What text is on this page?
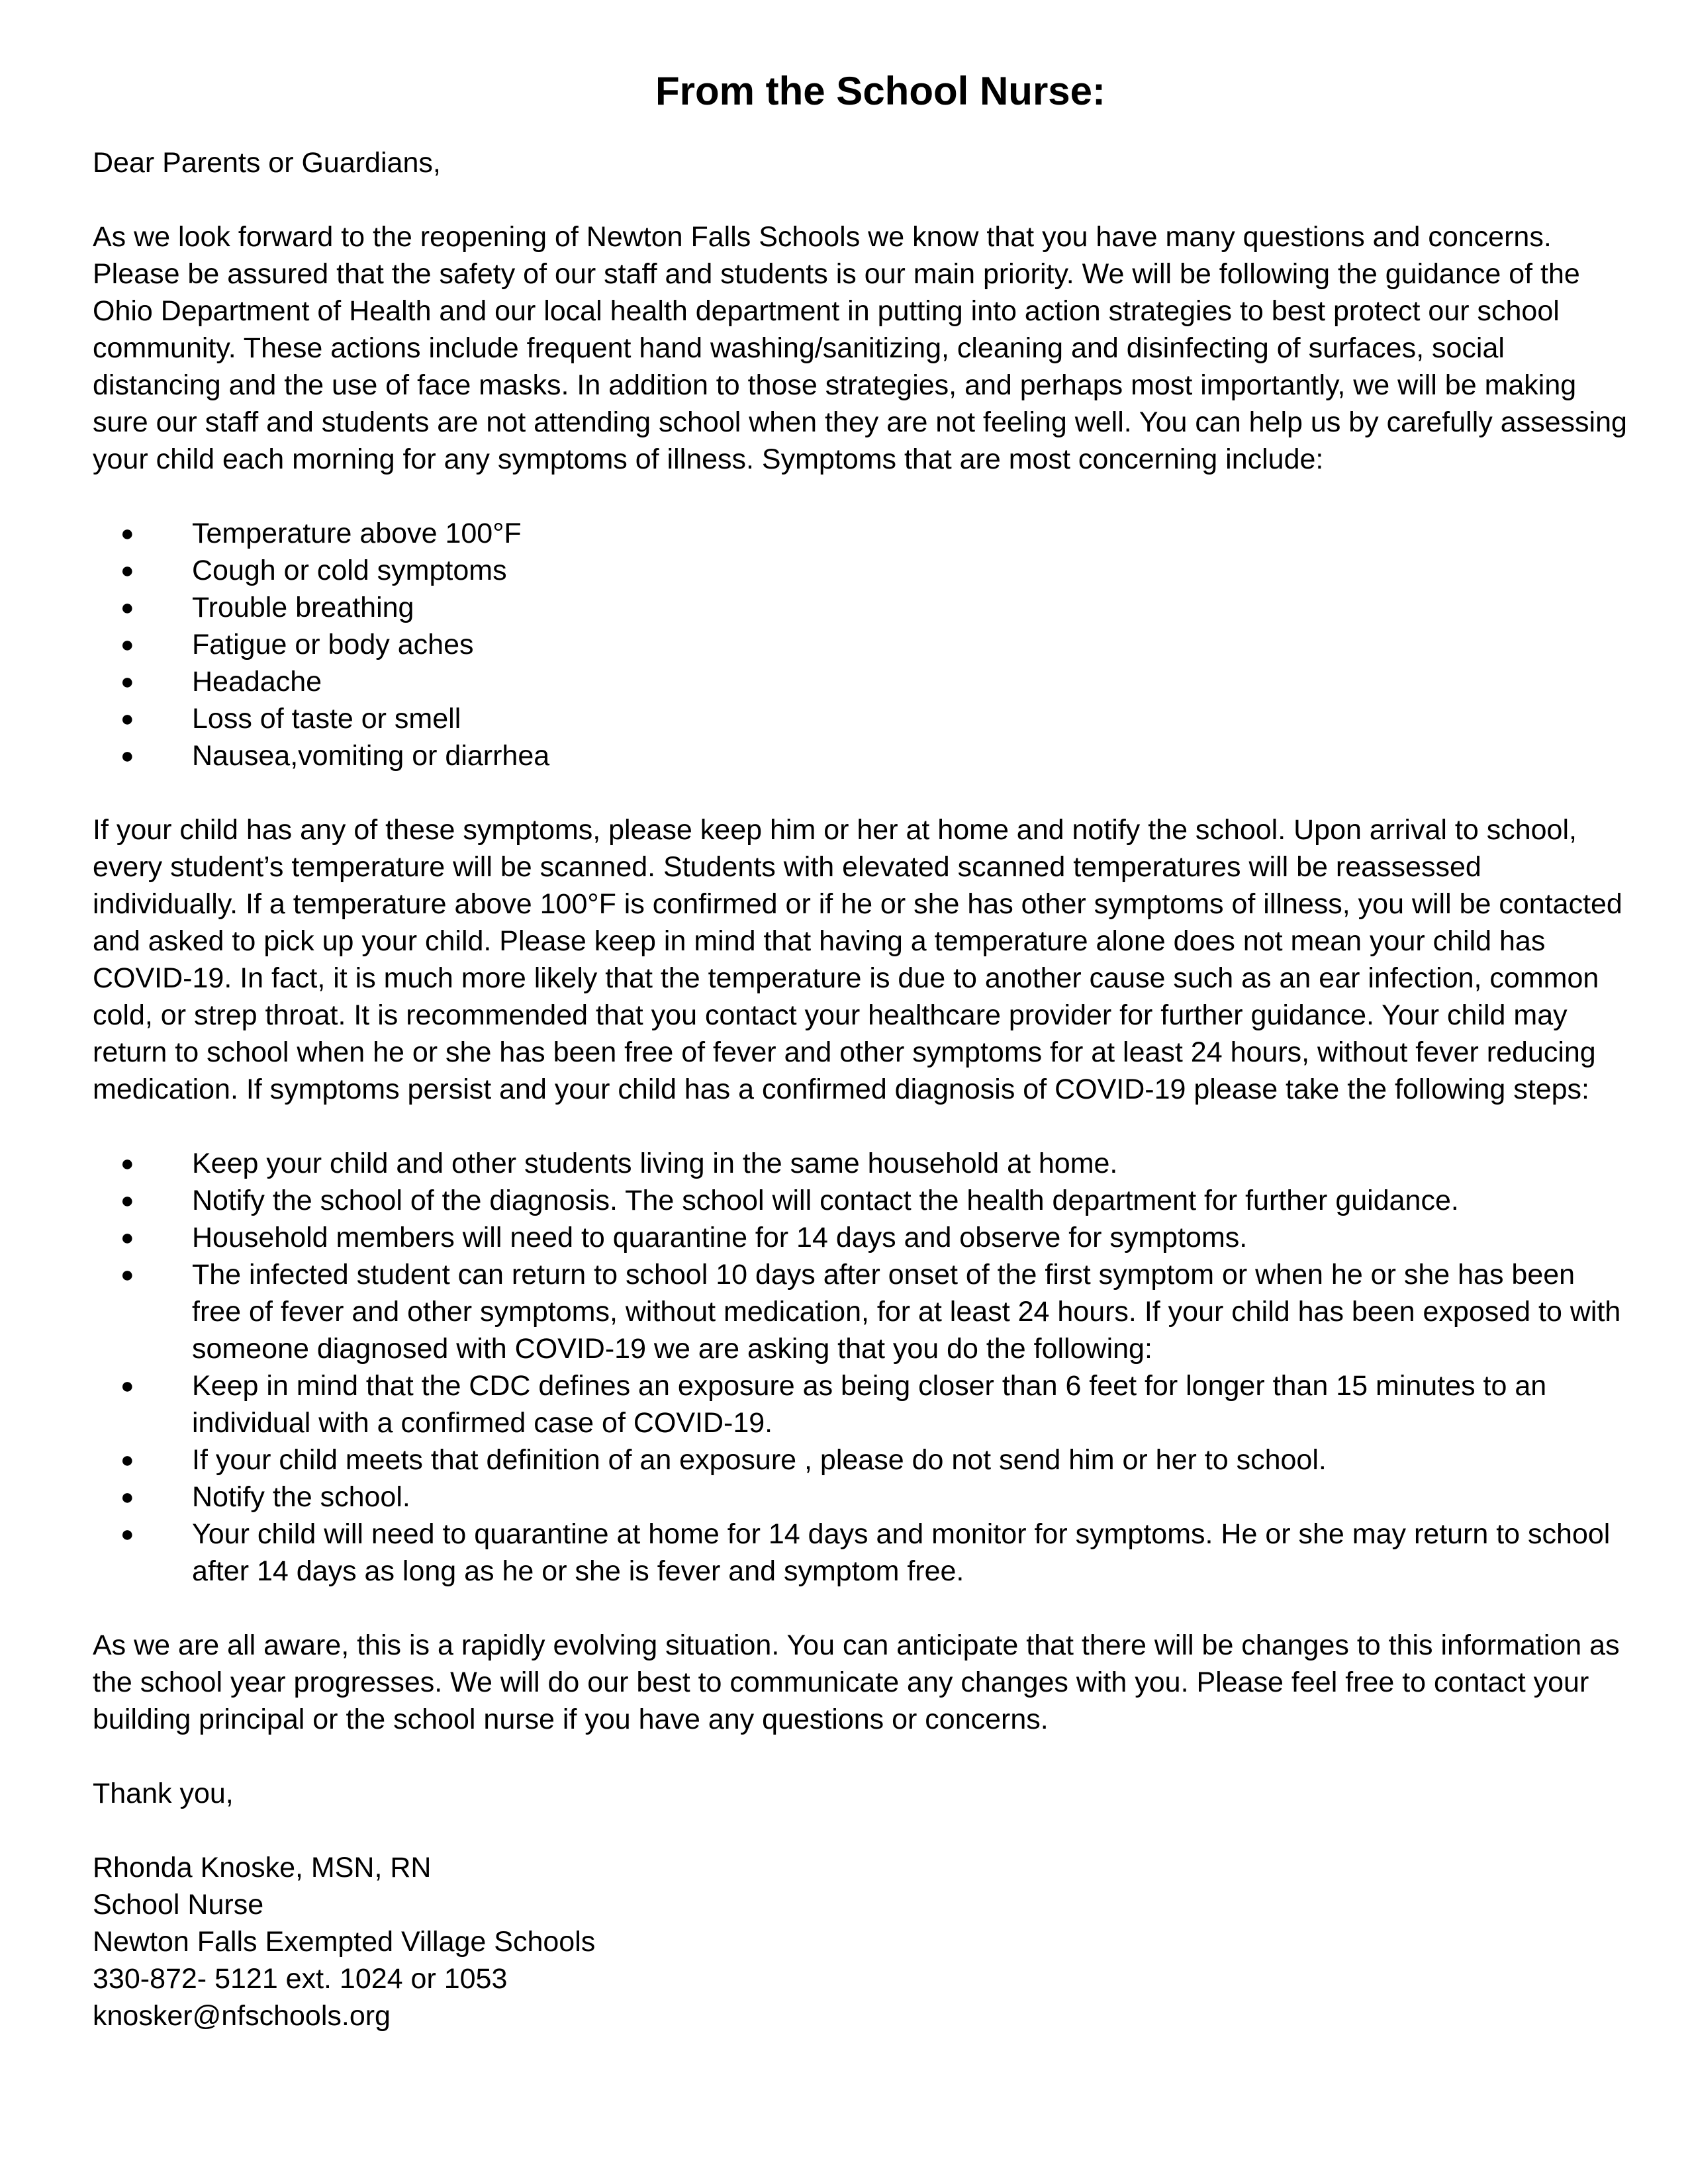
From the School Nurse:

Dear Parents or Guardians,

As we look forward to the reopening of Newton Falls Schools we know that you have many questions and concerns. Please be assured that the safety of our staff and students is our main priority. We will be following the guidance of the Ohio Department of Health and our local health department in putting into action strategies to best protect our school community. These actions include frequent hand washing/sanitizing, cleaning and disinfecting of surfaces, social distancing and the use of face masks. In addition to those strategies, and perhaps most importantly, we will be making sure our staff and students are not attending school when they are not feeling well. You can help us by carefully assessing your child each morning for any symptoms of illness. Symptoms that are most concerning include:

● Temperature above 100°F
● Cough or cold symptoms
● Trouble breathing
● Fatigue or body aches
● Headache
● Loss of taste or smell
● Nausea,vomiting or diarrhea

If your child has any of these symptoms, please keep him or her at home and notify the school. Upon arrival to school, every student’s temperature will be scanned. Students with elevated scanned temperatures will be reassessed individually. If a temperature above 100°F is confirmed or if he or she has other symptoms of illness, you will be contacted and asked to pick up your child. Please keep in mind that having a temperature alone does not mean your child has COVID-19. In fact, it is much more likely that the temperature is due to another cause such as an ear infection, common cold, or strep throat. It is recommended that you contact your healthcare provider for further guidance. Your child may return to school when he or she has been free of fever and other symptoms for at least 24 hours, without fever reducing medication. If symptoms persist and your child has a confirmed diagnosis of COVID-19 please take the following steps:

● Keep your child and other students living in the same household at home.
● Notify the school of the diagnosis. The school will contact the health department for further guidance.
● Household members will need to quarantine for 14 days and observe for symptoms.
● The infected student can return to school 10 days after onset of the first symptom or when he or she has been free of fever and other symptoms, without medication, for at least 24 hours. If your child has been exposed to with someone diagnosed with COVID-19 we are asking that you do the following:
● Keep in mind that the CDC defines an exposure as being closer than 6 feet for longer than 15 minutes to an individual with a confirmed case of COVID-19.
● If your child meets that definition of an exposure , please do not send him or her to school.
● Notify the school.
● Your child will need to quarantine at home for 14 days and monitor for symptoms. He or she may return to school after 14 days as long as he or she is fever and symptom free.

As we are all aware, this is a rapidly evolving situation. You can anticipate that there will be changes to this information as the school year progresses. We will do our best to communicate any changes with you. Please feel free to contact your building principal or the school nurse if you have any questions or concerns.

Thank you,

Rhonda Knoske, MSN, RN
School Nurse
Newton Falls Exempted Village Schools
330-872- 5121 ext. 1024 or 1053
knosker@nfschools.org
